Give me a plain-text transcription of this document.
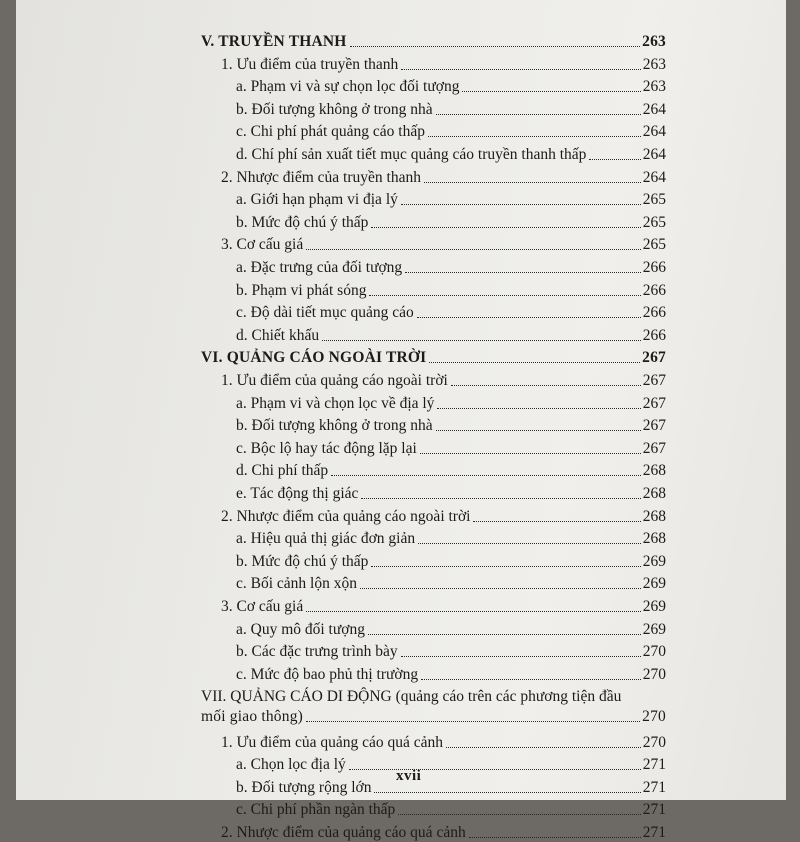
V. TRUYỀN THANH	263
1. Ưu điểm của truyền thanh	263
a. Phạm vi và sự chọn lọc đối tượng	263
b. Đối tượng không ở trong nhà	264
c. Chi phí phát quảng cáo thấp	264
d. Chí phí sản xuất tiết mục quảng cáo truyền thanh thấp	264
2. Nhược điểm của truyền thanh	264
a. Giới hạn phạm vi địa lý	265
b. Mức độ chú ý thấp	265
3. Cơ cấu giá	265
a. Đặc trưng của đối tượng	266
b. Phạm vi phát sóng	266
c. Độ dài tiết mục quảng cáo	266
d. Chiết khấu	266
VI. QUẢNG CÁO NGOÀI TRỜI	267
1. Ưu điểm của quảng cáo ngoài trời	267
a. Phạm vi và chọn lọc về địa lý	267
b. Đối tượng không ở trong nhà	267
c. Bộc lộ hay tác động lặp lại	267
d. Chi phí thấp	268
e. Tác động thị giác	268
2. Nhược điểm của quảng cáo ngoài trời	268
a. Hiệu quả thị giác đơn giản	268
b. Mức độ chú ý thấp	269
c. Bối cảnh lộn xộn	269
3. Cơ cấu giá	269
a. Quy mô đối tượng	269
b. Các đặc trưng trình bày	270
c. Mức độ bao phủ thị trường	270
VII. QUẢNG CÁO DI ĐỘNG (quảng cáo trên các phương tiện đầu
mối giao thông)	270
1. Ưu điểm của quảng cáo quá cảnh	270
a. Chọn lọc địa lý	271
b. Đối tượng rộng lớn	271
c. Chi phí phần ngàn thấp	271
2. Nhược điểm của quảng cáo quá cảnh	271
xvii
